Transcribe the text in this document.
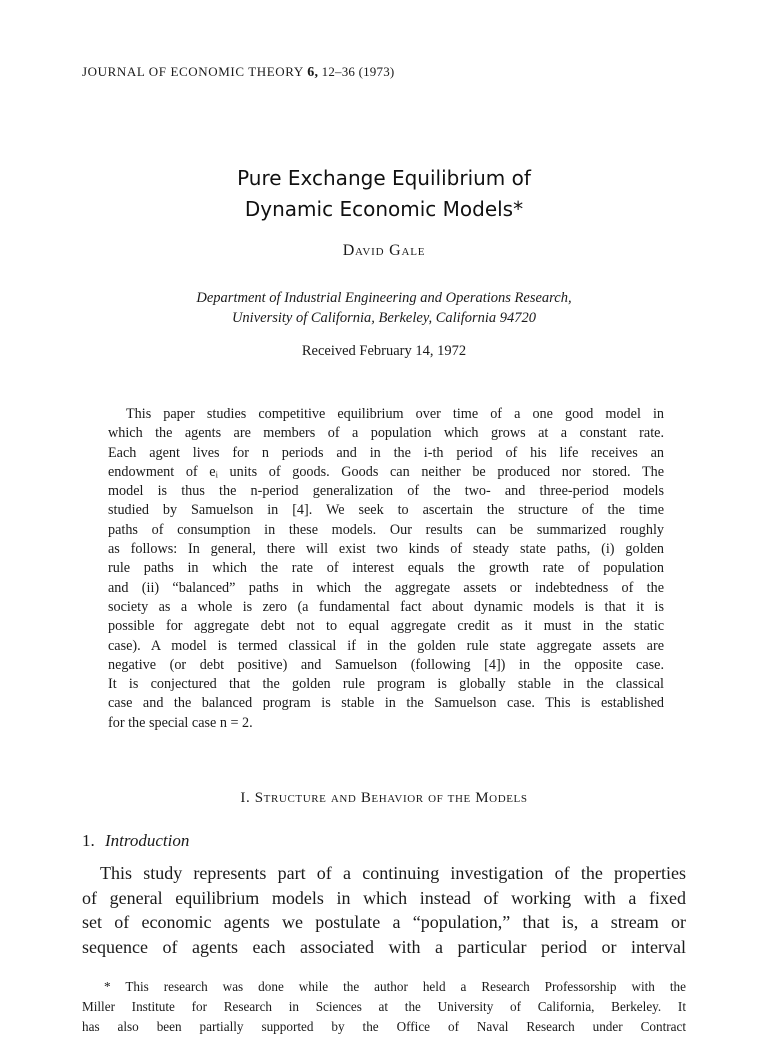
JOURNAL OF ECONOMIC THEORY 6, 12–36 (1973)
Pure Exchange Equilibrium of
Dynamic Economic Models*
David Gale
Department of Industrial Engineering and Operations Research,
University of California, Berkeley, California 94720
Received February 14, 1972
This paper studies competitive equilibrium over time of a one good model in
which the agents are members of a population which grows at a constant rate.
Each agent lives for n periods and in the i-th period of his life receives an
endowment of eᵢ units of goods. Goods can neither be produced nor stored. The
model is thus the n-period generalization of the two- and three-period models
studied by Samuelson in [4]. We seek to ascertain the structure of the time
paths of consumption in these models. Our results can be summarized roughly
as follows: In general, there will exist two kinds of steady state paths, (i) golden
rule paths in which the rate of interest equals the growth rate of population
and (ii) “balanced” paths in which the aggregate assets or indebtedness of the
society as a whole is zero (a fundamental fact about dynamic models is that it is
possible for aggregate debt not to equal aggregate credit as it must in the static
case). A model is termed classical if in the golden rule state aggregate assets are
negative (or debt positive) and Samuelson (following [4]) in the opposite case.
It is conjectured that the golden rule program is globally stable in the classical
case and the balanced program is stable in the Samuelson case. This is established
for the special case n = 2.
I. Structure and Behavior of the Models
1. Introduction
This study represents part of a continuing investigation of the properties
of general equilibrium models in which instead of working with a fixed
set of economic agents we postulate a “population,” that is, a stream or
sequence of agents each associated with a particular period or interval
* This research was done while the author held a Research Professorship with the
Miller Institute for Research in Sciences at the University of California, Berkeley. It
has also been partially supported by the Office of Naval Research under Contract
